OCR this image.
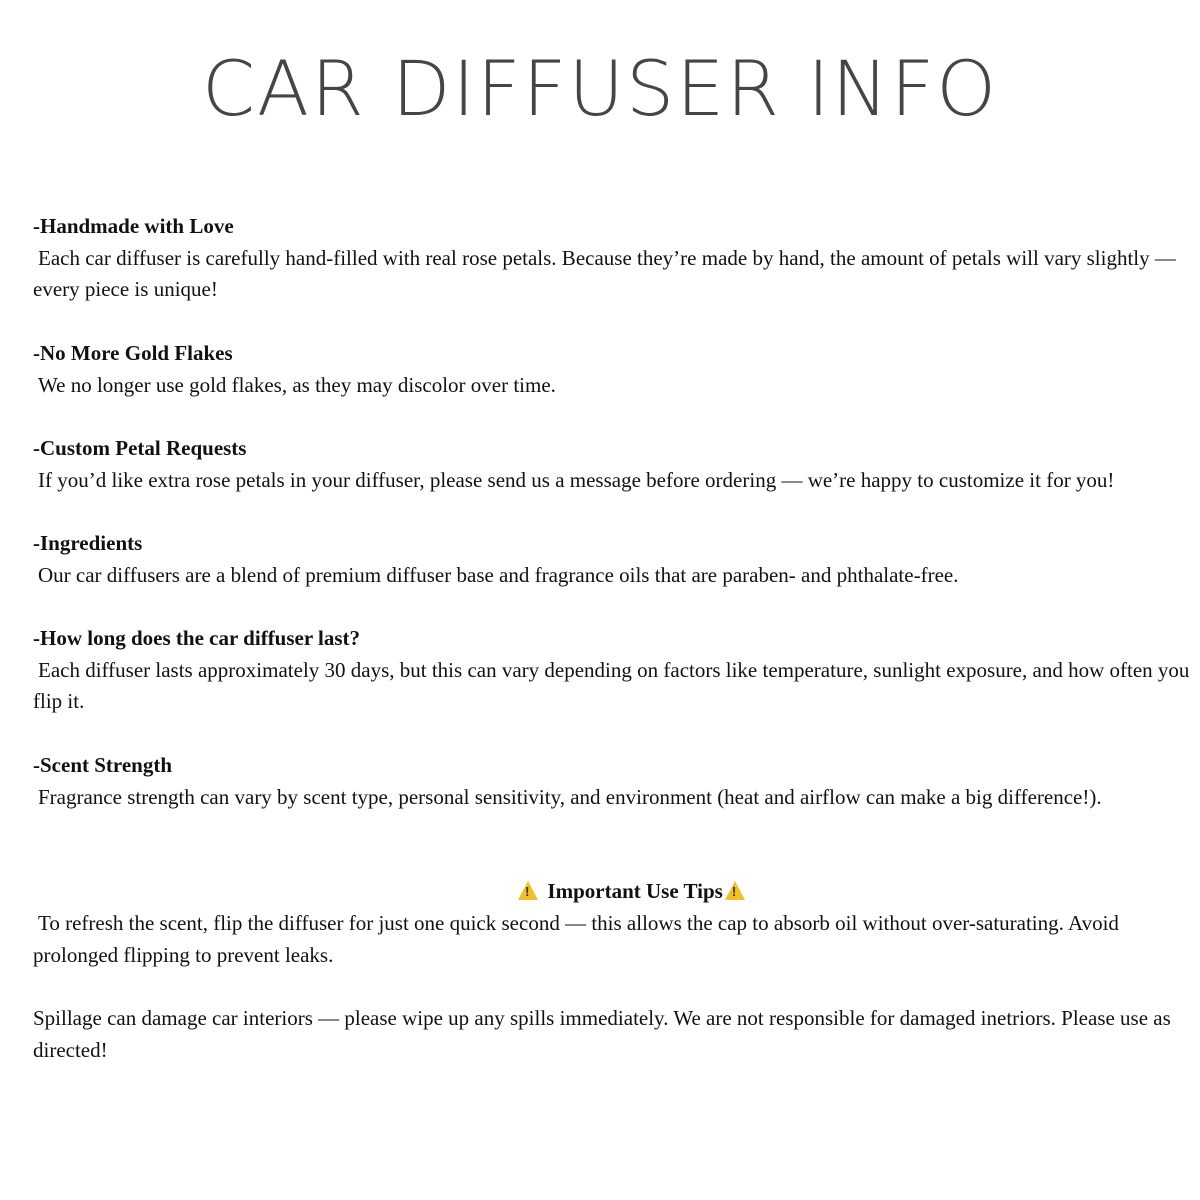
CAR DIFFUSER INFO
-Handmade with Love
Each car diffuser is carefully hand-filled with real rose petals. Because they’re made by hand, the amount of petals will vary slightly — every piece is unique!
-No More Gold Flakes
We no longer use gold flakes, as they may discolor over time.
-Custom Petal Requests
If you’d like extra rose petals in your diffuser, please send us a message before ordering — we’re happy to customize it for you!
-Ingredients
Our car diffusers are a blend of premium diffuser base and fragrance oils that are paraben- and phthalate-free.
-How long does the car diffuser last?
Each diffuser lasts approximately 30 days, but this can vary depending on factors like temperature, sunlight exposure, and how often you flip it.
-Scent Strength
Fragrance strength can vary by scent type, personal sensitivity, and environment (heat and airflow can make a big difference!).
! Important Use Tips!
To refresh the scent, flip the diffuser for just one quick second — this allows the cap to absorb oil without over-saturating. Avoid prolonged flipping to prevent leaks.
Spillage can damage car interiors — please wipe up any spills immediately. We are not responsible for damaged inetriors. Please use as directed!
